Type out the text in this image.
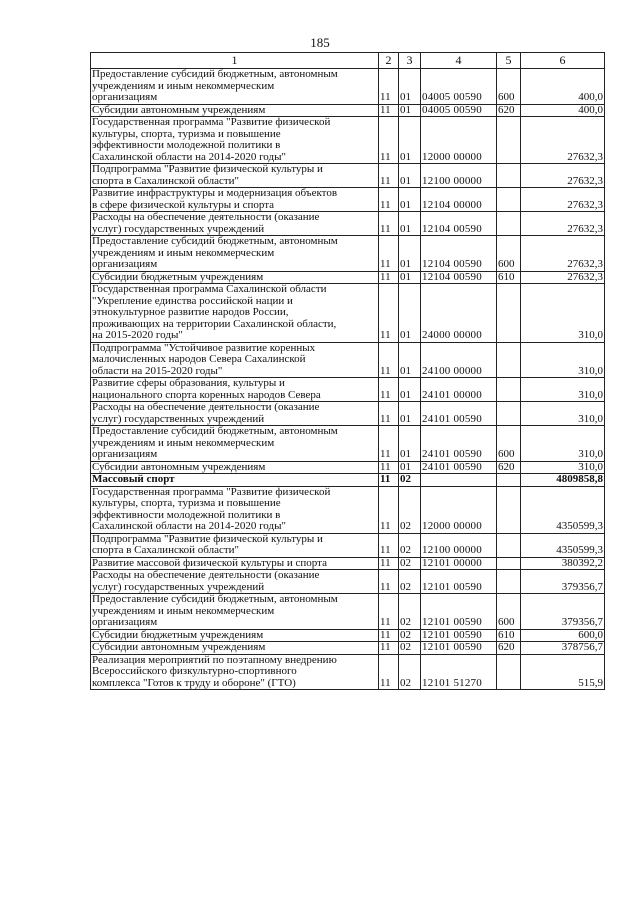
185
1	2	3	4	5	6

Предоставление субсидий бюджетным, автономным
учреждениям и иным некоммерческим
организациям	11	01	04005 00590	600	400,0

Субсидии автономным учреждениям	11	01	04005 00590	620	400,0

Государственная программа "Развитие физической
культуры, спорта, туризма и повышение
эффективности молодежной политики в
Сахалинской области на 2014-2020 годы"	11	01	12000 00000		27632,3

Подпрограмма "Развитие физической культуры и
спорта в Сахалинской области"	11	01	12100 00000		27632,3

Развитие инфраструктуры и модернизация объектов
в сфере физической культуры и спорта	11	01	12104 00000		27632,3

Расходы на обеспечение деятельности (оказание
услуг) государственных учреждений	11	01	12104 00590		27632,3

Предоставление субсидий бюджетным, автономным
учреждениям и иным некоммерческим
организациям	11	01	12104 00590	600	27632,3

Субсидии бюджетным учреждениям	11	01	12104 00590	610	27632,3

Государственная программа Сахалинской области
"Укрепление единства российской нации и
этнокультурное развитие народов России,
проживающих на территории Сахалинской области,
на 2015-2020 годы"	11	01	24000 00000		310,0

Подпрограмма "Устойчивое развитие коренных
малочисленных народов Севера Сахалинской
области на 2015-2020 годы"	11	01	24100 00000		310,0

Развитие сферы образования, культуры и
национального спорта коренных народов Севера	11	01	24101 00000		310,0

Расходы на обеспечение деятельности (оказание
услуг) государственных учреждений	11	01	24101 00590		310,0

Предоставление субсидий бюджетным, автономным
учреждениям и иным некоммерческим
организациям	11	01	24101 00590	600	310,0

Субсидии автономным учреждениям	11	01	24101 00590	620	310,0

Массовый спорт	11	02			4809858,8

Государственная программа "Развитие физической
культуры, спорта, туризма и повышение
эффективности молодежной политики в
Сахалинской области на 2014-2020 годы"	11	02	12000 00000		4350599,3

Подпрограмма "Развитие физической культуры и
спорта в Сахалинской области"	11	02	12100 00000		4350599,3

Развитие массовой физической культуры и спорта	11	02	12101 00000		380392,2

Расходы на обеспечение деятельности (оказание
услуг) государственных учреждений	11	02	12101 00590		379356,7

Предоставление субсидий бюджетным, автономным
учреждениям и иным некоммерческим
организациям	11	02	12101 00590	600	379356,7

Субсидии бюджетным учреждениям	11	02	12101 00590	610	600,0

Субсидии автономным учреждениям	11	02	12101 00590	620	378756,7

Реализация мероприятий по поэтапному внедрению
Всероссийского физкультурно-спортивного
комплекса "Готов к труду и обороне" (ГТО)	11	02	12101 51270		515,9
